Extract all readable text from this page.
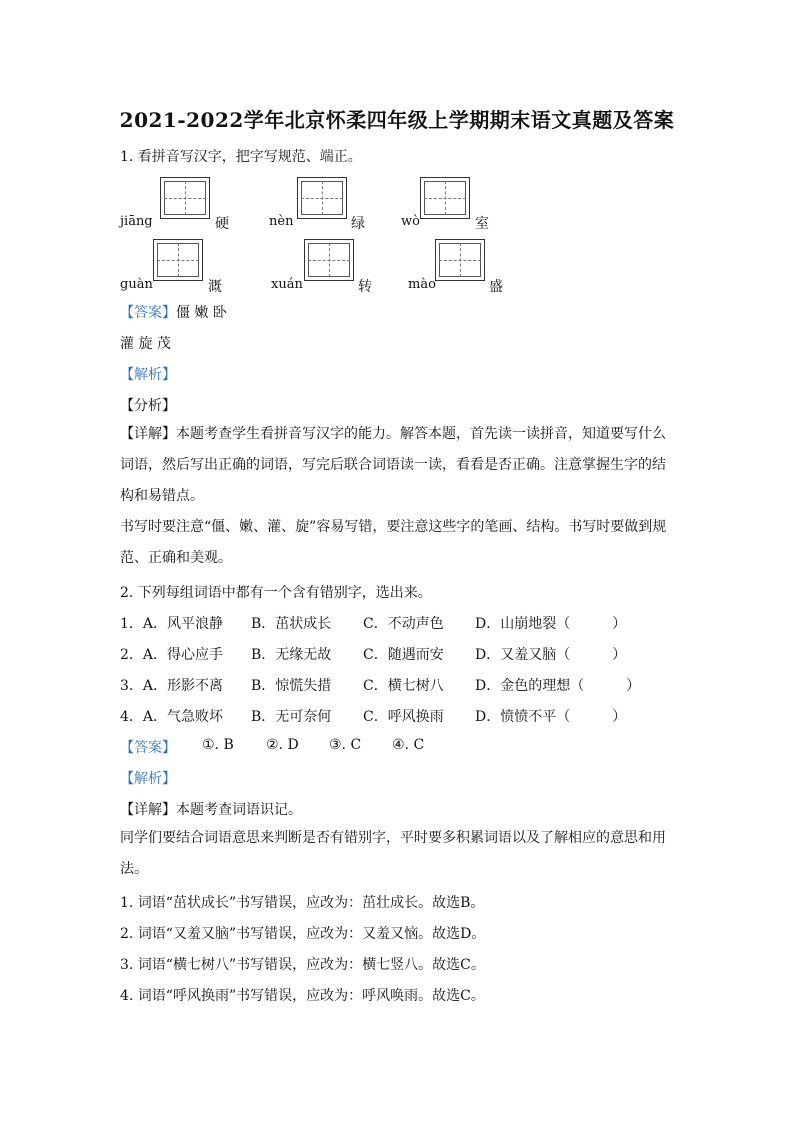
2021-2022学年北京怀柔四年级上学期期末语文真题及答案
1. 看拼音写汉字，把字写规范、端正。
jiāng	硬	nèn	绿	wò	室
guàn	溉	xuán	转	mào	盛
【答案】僵 嫩 卧
灌 旋 茂
【解析】
【分析】
【详解】本题考查学生看拼音写汉字的能力。解答本题，首先读一读拼音，知道要写什么词语，然后写出正确的词语，写完后联合词语读一读，看看是否正确。注意掌握生字的结构和易错点。
书写时要注意“僵、嫩、灌、旋”容易写错，要注意这些字的笔画、结构。书写时要做到规范、正确和美观。
2. 下列每组词语中都有一个含有错别字，选出来。
1．A．风平浪静 B．茁状成长 C．不动声色 D．山崩地裂（　　　）
2．A．得心应手 B．无缘无故 C．随遇而安 D．又羞又脑（　　　）
3．A．形影不离 B．惊慌失措 C．横七树八 D．金色的理想（　　　）
4．A．气急败坏 B．无可奈何 C．呼风换雨 D．愤愤不平（　　　）
【答案】 ①. B ②. D ③. C ④. C
【解析】
【详解】本题考查词语识记。
同学们要结合词语意思来判断是否有错别字，平时要多积累词语以及了解相应的意思和用法。
1. 词语“茁状成长”书写错误，应改为：茁壮成长。故选B。
2. 词语“又羞又脑”书写错误，应改为：又羞又恼。故选D。
3. 词语“横七树八”书写错误，应改为：横七竖八。故选C。
4. 词语“呼风换雨”书写错误，应改为：呼风唤雨。故选C。
